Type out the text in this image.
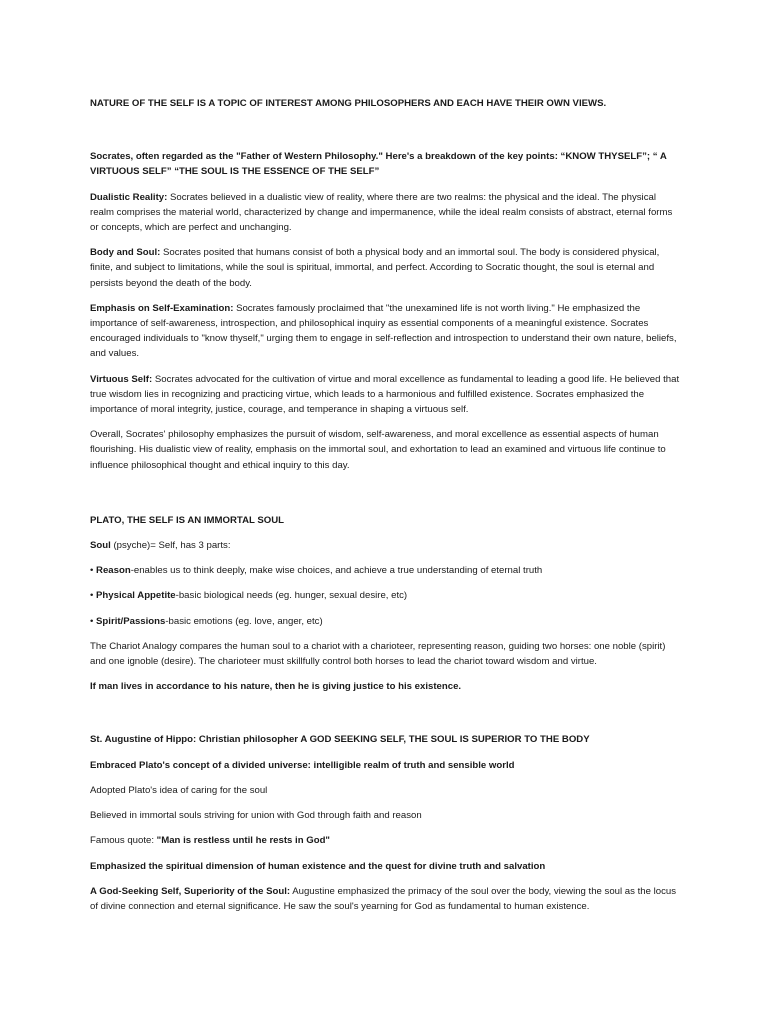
NATURE OF THE SELF IS A TOPIC OF INTEREST AMONG PHILOSOPHERS AND EACH HAVE THEIR OWN VIEWS.

Socrates, often regarded as the "Father of Western Philosophy." Here's a breakdown of the key points: “KNOW THYSELF”; “ A VIRTUOUS SELF” “THE SOUL IS THE ESSENCE OF THE SELF”

Dualistic Reality: Socrates believed in a dualistic view of reality, where there are two realms: the physical and the ideal. The physical realm comprises the material world, characterized by change and impermanence, while the ideal realm consists of abstract, eternal forms or concepts, which are perfect and unchanging.

Body and Soul: Socrates posited that humans consist of both a physical body and an immortal soul. The body is considered physical, finite, and subject to limitations, while the soul is spiritual, immortal, and perfect. According to Socratic thought, the soul is eternal and persists beyond the death of the body.

Emphasis on Self-Examination: Socrates famously proclaimed that "the unexamined life is not worth living." He emphasized the importance of self-awareness, introspection, and philosophical inquiry as essential components of a meaningful existence. Socrates encouraged individuals to "know thyself," urging them to engage in self-reflection and introspection to understand their own nature, beliefs, and values.

Virtuous Self: Socrates advocated for the cultivation of virtue and moral excellence as fundamental to leading a good life. He believed that true wisdom lies in recognizing and practicing virtue, which leads to a harmonious and fulfilled existence. Socrates emphasized the importance of moral integrity, justice, courage, and temperance in shaping a virtuous self.

Overall, Socrates' philosophy emphasizes the pursuit of wisdom, self-awareness, and moral excellence as essential aspects of human flourishing. His dualistic view of reality, emphasis on the immortal soul, and exhortation to lead an examined and virtuous life continue to influence philosophical thought and ethical inquiry to this day.

PLATO, THE SELF IS AN IMMORTAL SOUL

Soul (psyche)= Self, has 3 parts:

• Reason-enables us to think deeply, make wise choices, and achieve a true understanding of eternal truth

• Physical Appetite-basic biological needs (eg. hunger, sexual desire, etc)

• Spirit/Passions-basic emotions (eg. love, anger, etc)

The Chariot Analogy compares the human soul to a chariot with a charioteer, representing reason, guiding two horses: one noble (spirit) and one ignoble (desire). The charioteer must skillfully control both horses to lead the chariot toward wisdom and virtue.

If man lives in accordance to his nature, then he is giving justice to his existence.

St. Augustine of Hippo: Christian philosopher A GOD SEEKING SELF, THE SOUL IS SUPERIOR TO THE BODY

Embraced Plato's concept of a divided universe: intelligible realm of truth and sensible world

Adopted Plato's idea of caring for the soul

Believed in immortal souls striving for union with God through faith and reason

Famous quote: "Man is restless until he rests in God"

Emphasized the spiritual dimension of human existence and the quest for divine truth and salvation

A God-Seeking Self, Superiority of the Soul: Augustine emphasized the primacy of the soul over the body, viewing the soul as the locus of divine connection and eternal significance. He saw the soul's yearning for God as fundamental to human existence.
